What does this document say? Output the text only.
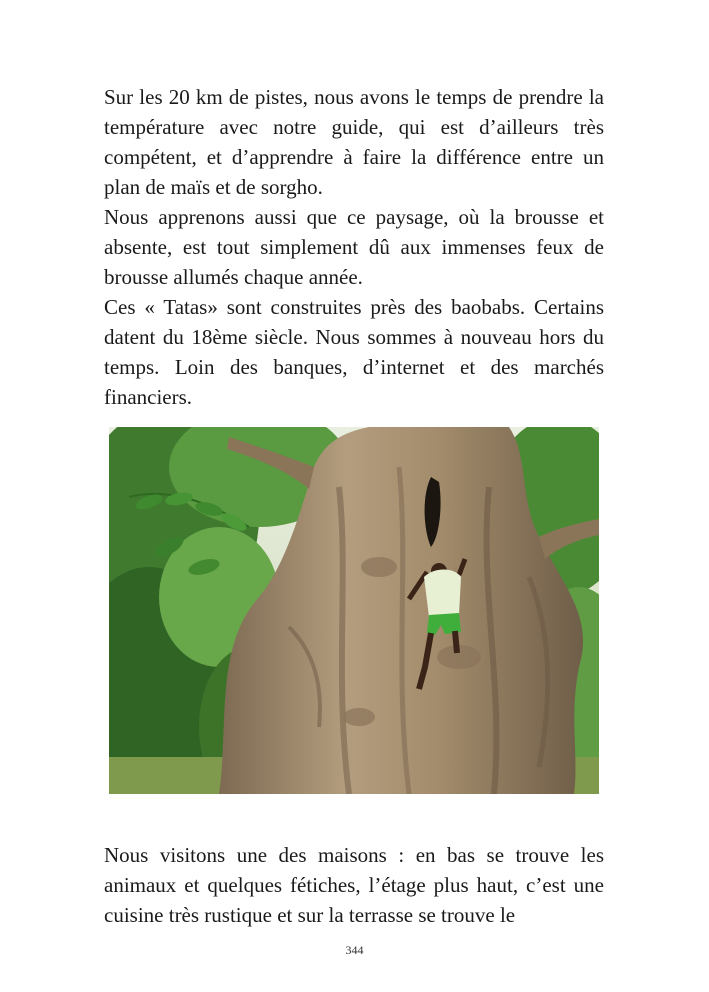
Sur les 20 km de pistes, nous avons le temps de prendre la température avec notre guide, qui est d’ailleurs très compétent, et d’apprendre à faire la différence entre un plan de maïs et de sorgho.

Nous apprenons aussi que ce paysage, où la brousse et absente, est tout simplement dû aux immenses feux de brousse allumés chaque année.

Ces « Tatas» sont construites près des baobabs. Certains datent du 18ème siècle. Nous sommes à nouveau hors du temps. Loin des banques, d’internet et des marchés financiers.

Nous visitons une des maisons : en bas se trouve les animaux et quelques fétiches, l’étage plus haut, c’est une cuisine très rustique et sur la terrasse se trouve le

344
